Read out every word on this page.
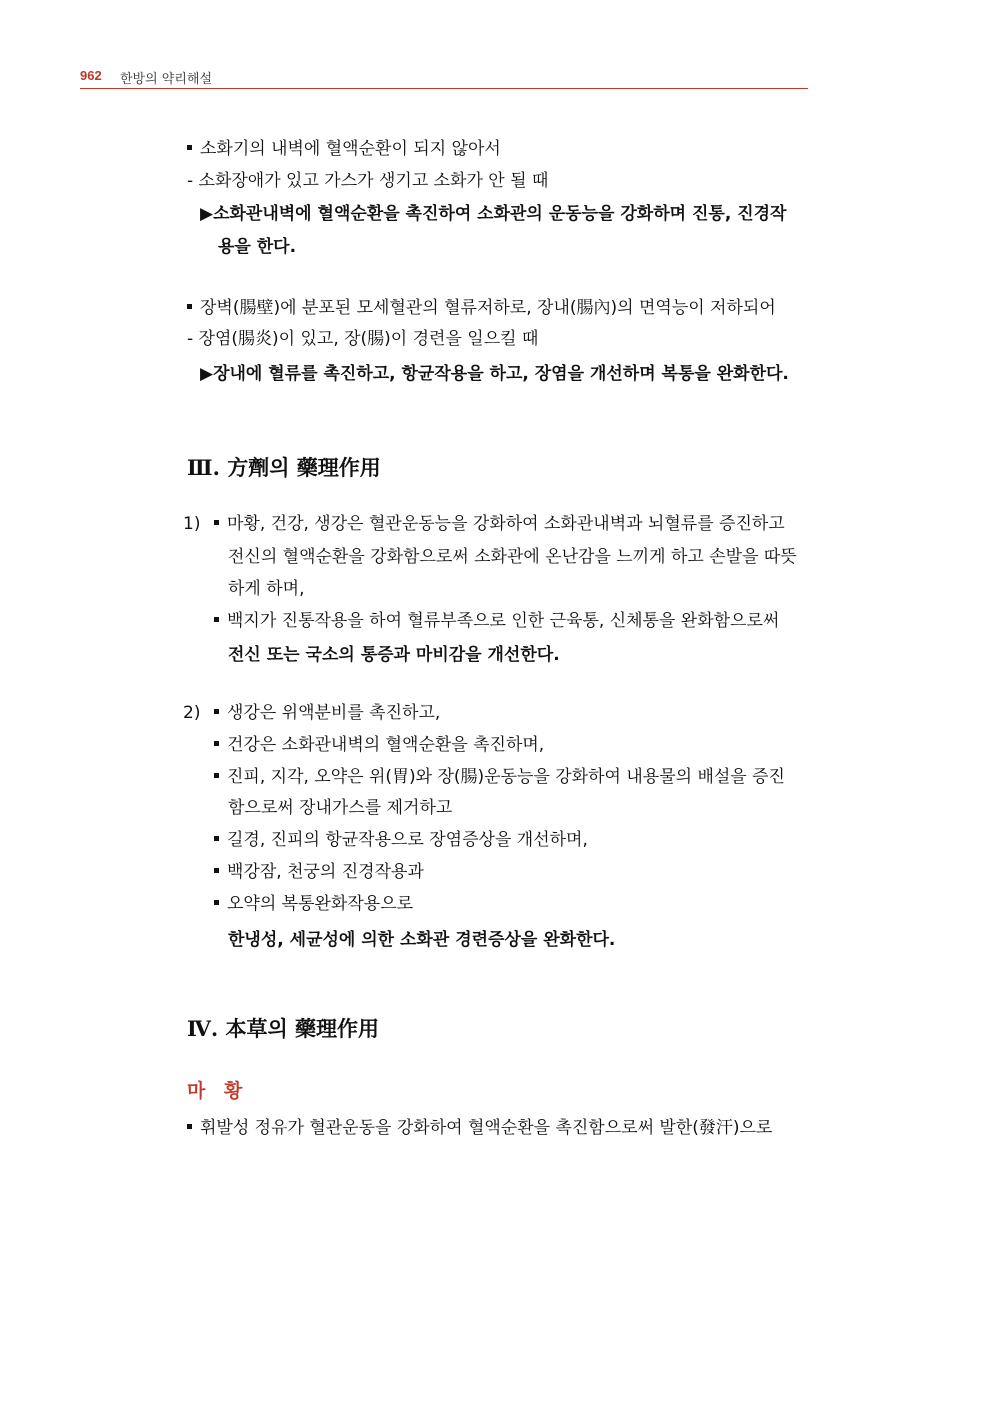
962 한방의 약리해설
소화기의 내벽에 혈액순환이 되지 않아서
- 소화장애가 있고 가스가 생기고 소화가 안 될 때
▶소화관내벽에 혈액순환을 촉진하여 소화관의 운동능을 강화하며 진통, 진경작
용을 한다.
장벽(腸壁)에 분포된 모세혈관의 혈류저하로, 장내(腸內)의 면역능이 저하되어
- 장염(腸炎)이 있고, 장(腸)이 경련을 일으킬 때
▶장내에 혈류를 촉진하고, 항균작용을 하고, 장염을 개선하며 복통을 완화한다.
Ⅲ. 方劑의 藥理作用
1)	마황, 건강, 생강은 혈관운동능을 강화하여 소화관내벽과 뇌혈류를 증진하고
전신의 혈액순환을 강화함으로써 소화관에 온난감을 느끼게 하고 손발을 따뜻
하게 하며,
백지가 진통작용을 하여 혈류부족으로 인한 근육통, 신체통을 완화함으로써
전신 또는 국소의 통증과 마비감을 개선한다.
2)	생강은 위액분비를 촉진하고,
건강은 소화관내벽의 혈액순환을 촉진하며,
진피, 지각, 오약은 위(胃)와 장(腸)운동능을 강화하여 내용물의 배설을 증진
함으로써 장내가스를 제거하고
길경, 진피의 항균작용으로 장염증상을 개선하며,
백강잠, 천궁의 진경작용과
오약의 복통완화작용으로
한냉성, 세균성에 의한 소화관 경련증상을 완화한다.
Ⅳ. 本草의 藥理作用
마 황
휘발성 정유가 혈관운동을 강화하여 혈액순환을 촉진함으로써 발한(發汗)으로
